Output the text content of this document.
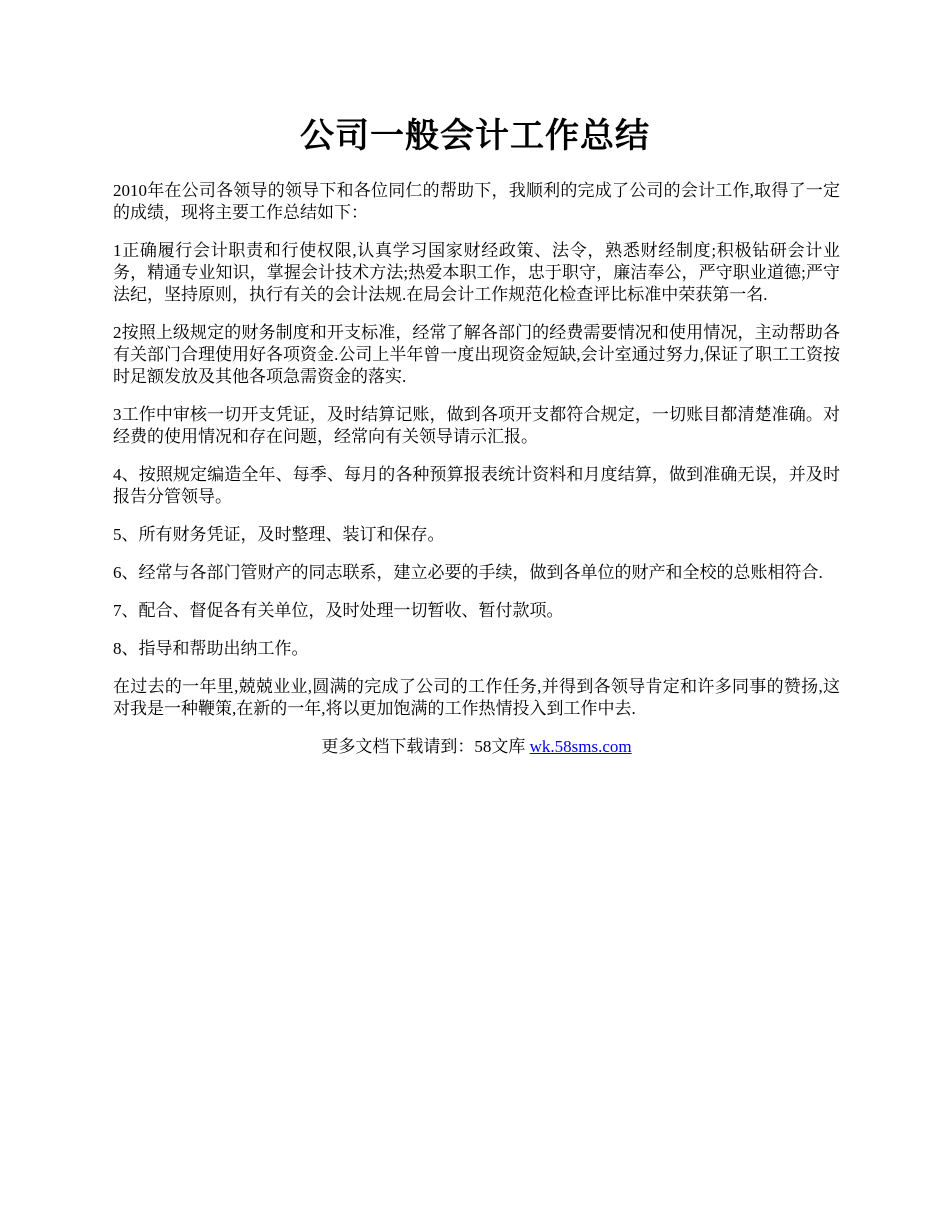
公司一般会计工作总结

2010年在公司各领导的领导下和各位同仁的帮助下，我顺利的完成了公司的会计工作,取得了一定的成绩，现将主要工作总结如下：

1正确履行会计职责和行使权限,认真学习国家财经政策、法令，熟悉财经制度;积极钻研会计业务，精通专业知识，掌握会计技术方法;热爱本职工作，忠于职守，廉洁奉公，严守职业道德;严守法纪，坚持原则，执行有关的会计法规.在局会计工作规范化检查评比标准中荣获第一名.

2按照上级规定的财务制度和开支标准，经常了解各部门的经费需要情况和使用情况，主动帮助各有关部门合理使用好各项资金.公司上半年曾一度出现资金短缺,会计室通过努力,保证了职工工资按时足额发放及其他各项急需资金的落实.

3工作中审核一切开支凭证，及时结算记账，做到各项开支都符合规定，一切账目都清楚准确。对经费的使用情况和存在问题，经常向有关领导请示汇报。

4、按照规定编造全年、每季、每月的各种预算报表统计资料和月度结算，做到准确无误，并及时报告分管领导。

5、所有财务凭证，及时整理、装订和保存。

6、经常与各部门管财产的同志联系，建立必要的手续，做到各单位的财产和全校的总账相符合.

7、配合、督促各有关单位，及时处理一切暂收、暂付款项。

8、指导和帮助出纳工作。

在过去的一年里,兢兢业业,圆满的完成了公司的工作任务,并得到各领导肯定和许多同事的赞扬,这对我是一种鞭策,在新的一年,将以更加饱满的工作热情投入到工作中去.

更多文档下载请到：58文库 wk.58sms.com
